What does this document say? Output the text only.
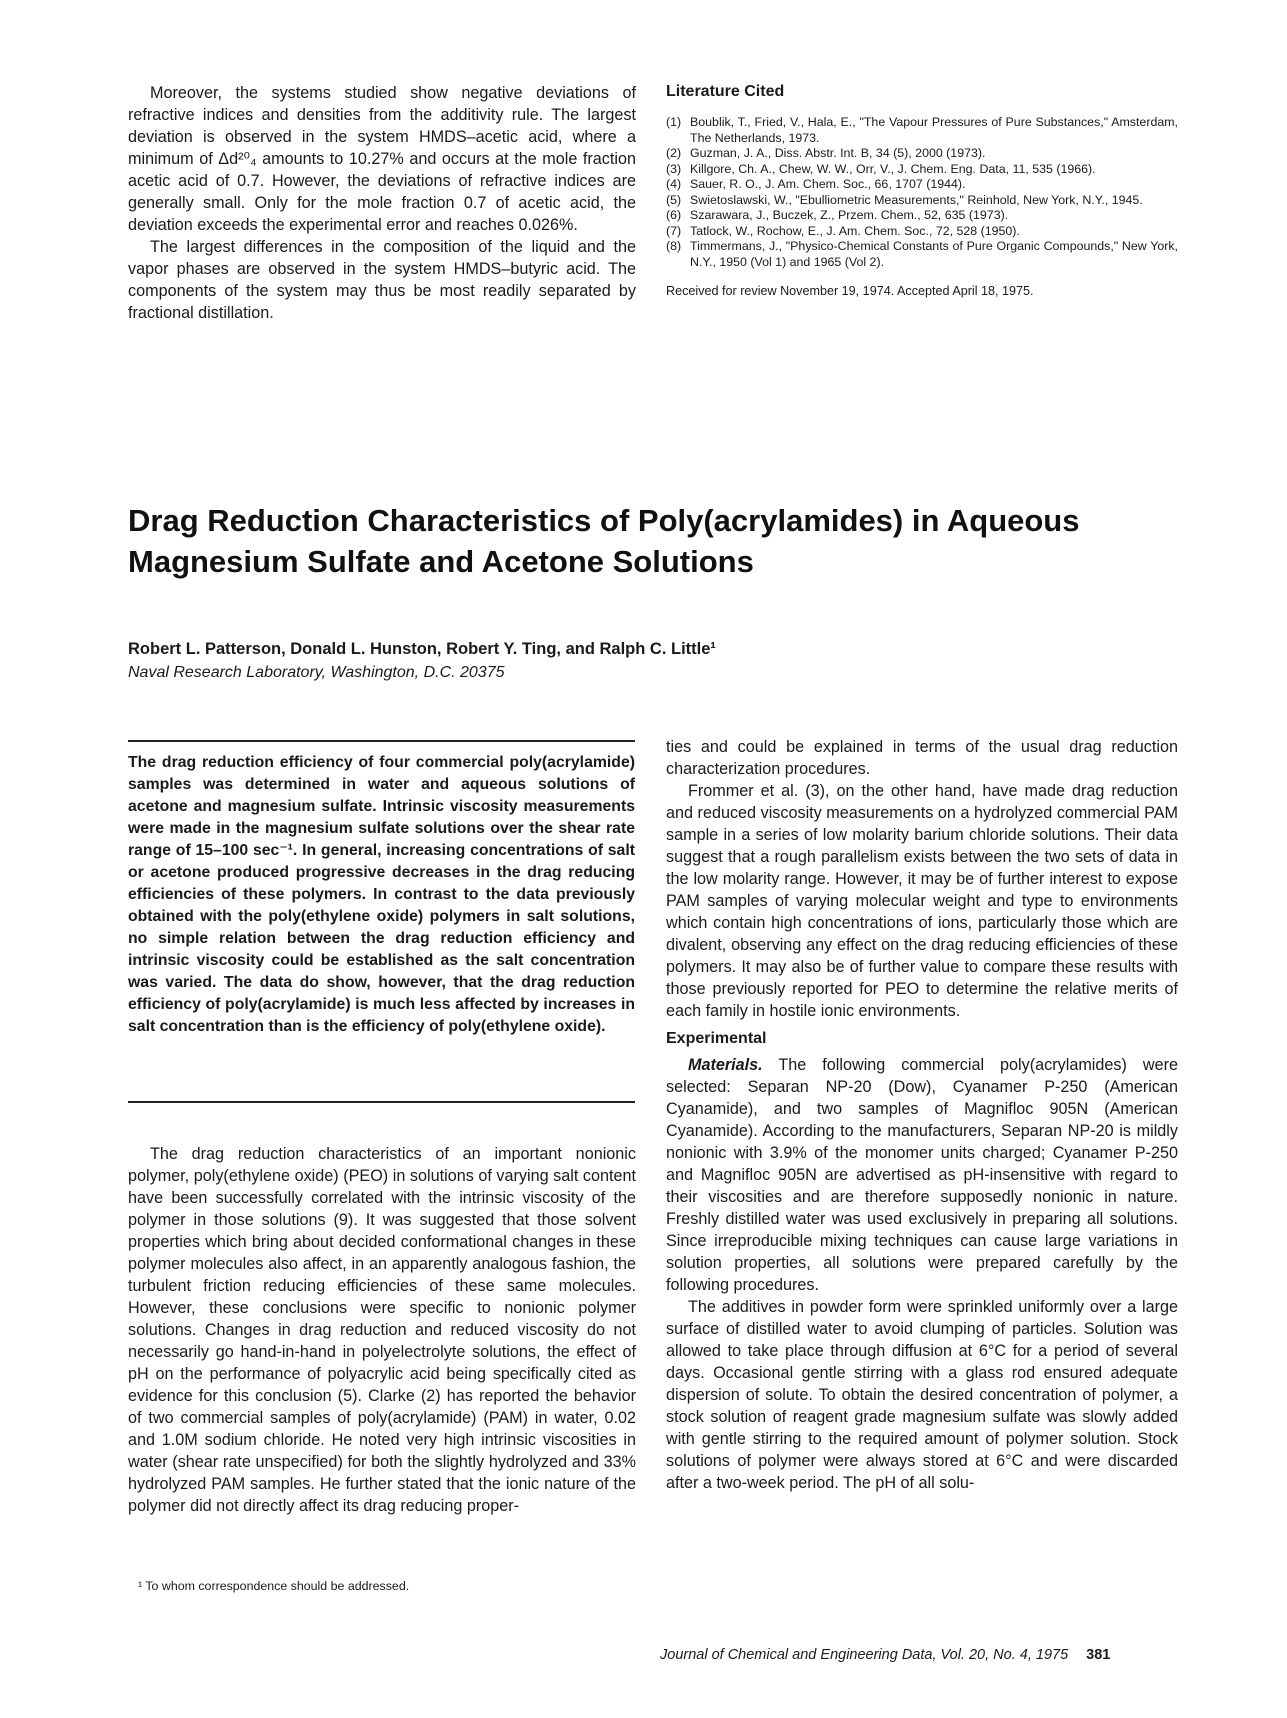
Moreover, the systems studied show negative deviations of refractive indices and densities from the additivity rule. The largest deviation is observed in the system HMDS–acetic acid, where a minimum of Δd²⁰₄ amounts to 10.27% and occurs at the mole fraction acetic acid of 0.7. However, the deviations of refractive indices are generally small. Only for the mole fraction 0.7 of acetic acid, the deviation exceeds the experimental error and reaches 0.026%.

The largest differences in the composition of the liquid and the vapor phases are observed in the system HMDS–butyric acid. The components of the system may thus be most readily separated by fractional distillation.

Literature Cited
(1) Boublik, T., Fried, V., Hala, E., "The Vapour Pressures of Pure Substances," Amsterdam, The Netherlands, 1973.
(2) Guzman, J. A., Diss. Abstr. Int. B, 34 (5), 2000 (1973).
(3) Killgore, Ch. A., Chew, W. W., Orr, V., J. Chem. Eng. Data, 11, 535 (1966).
(4) Sauer, R. O., J. Am. Chem. Soc., 66, 1707 (1944).
(5) Swietoslawski, W., "Ebulliometric Measurements," Reinhold, New York, N.Y., 1945.
(6) Szarawara, J., Buczek, Z., Przem. Chem., 52, 635 (1973).
(7) Tatlock, W., Rochow, E., J. Am. Chem. Soc., 72, 528 (1950).
(8) Timmermans, J., "Physico-Chemical Constants of Pure Organic Compounds," New York, N.Y., 1950 (Vol 1) and 1965 (Vol 2).
Received for review November 19, 1974. Accepted April 18, 1975.
Drag Reduction Characteristics of Poly(acrylamides) in Aqueous Magnesium Sulfate and Acetone Solutions
Robert L. Patterson, Donald L. Hunston, Robert Y. Ting, and Ralph C. Little¹
Naval Research Laboratory, Washington, D.C. 20375

The drag reduction efficiency of four commercial poly(acrylamide) samples was determined in water and aqueous solutions of acetone and magnesium sulfate. Intrinsic viscosity measurements were made in the magnesium sulfate solutions over the shear rate range of 15–100 sec⁻¹. In general, increasing concentrations of salt or acetone produced progressive decreases in the drag reducing efficiencies of these polymers. In contrast to the data previously obtained with the poly(ethylene oxide) polymers in salt solutions, no simple relation between the drag reduction efficiency and intrinsic viscosity could be established as the salt concentration was varied. The data do show, however, that the drag reduction efficiency of poly(acrylamide) is much less affected by increases in salt concentration than is the efficiency of poly(ethylene oxide).

The drag reduction characteristics of an important nonionic polymer, poly(ethylene oxide) (PEO) in solutions of varying salt content have been successfully correlated with the intrinsic viscosity of the polymer in those solutions (9). It was suggested that those solvent properties which bring about decided conformational changes in these polymer molecules also affect, in an apparently analogous fashion, the turbulent friction reducing efficiencies of these same molecules. However, these conclusions were specific to nonionic polymer solutions. Changes in drag reduction and reduced viscosity do not necessarily go hand-in-hand in polyelectrolyte solutions, the effect of pH on the performance of polyacrylic acid being specifically cited as evidence for this conclusion (5). Clarke (2) has reported the behavior of two commercial samples of poly(acrylamide) (PAM) in water, 0.02 and 1.0M sodium chloride. He noted very high intrinsic viscosities in water (shear rate unspecified) for both the slightly hydrolyzed and 33% hydrolyzed PAM samples. He further stated that the ionic nature of the polymer did not directly affect its drag reducing proper-

¹ To whom correspondence should be addressed.

ties and could be explained in terms of the usual drag reduction characterization procedures.

Frommer et al. (3), on the other hand, have made drag reduction and reduced viscosity measurements on a hydrolyzed commercial PAM sample in a series of low molarity barium chloride solutions. Their data suggest that a rough parallelism exists between the two sets of data in the low molarity range. However, it may be of further interest to expose PAM samples of varying molecular weight and type to environments which contain high concentrations of ions, particularly those which are divalent, observing any effect on the drag reducing efficiencies of these polymers. It may also be of further value to compare these results with those previously reported for PEO to determine the relative merits of each family in hostile ionic environments.

Experimental

Materials. The following commercial poly(acrylamides) were selected: Separan NP-20 (Dow), Cyanamer P-250 (American Cyanamide), and two samples of Magnifloc 905N (American Cyanamide). According to the manufacturers, Separan NP-20 is mildly nonionic with 3.9% of the monomer units charged; Cyanamer P-250 and Magnifloc 905N are advertised as pH-insensitive with regard to their viscosities and are therefore supposedly nonionic in nature. Freshly distilled water was used exclusively in preparing all solutions. Since irreproducible mixing techniques can cause large variations in solution properties, all solutions were prepared carefully by the following procedures.

The additives in powder form were sprinkled uniformly over a large surface of distilled water to avoid clumping of particles. Solution was allowed to take place through diffusion at 6°C for a period of several days. Occasional gentle stirring with a glass rod ensured adequate dispersion of solute. To obtain the desired concentration of polymer, a stock solution of reagent grade magnesium sulfate was slowly added with gentle stirring to the required amount of polymer solution. Stock solutions of polymer were always stored at 6°C and were discarded after a two-week period. The pH of all solu-

Journal of Chemical and Engineering Data, Vol. 20, No. 4, 1975 381
